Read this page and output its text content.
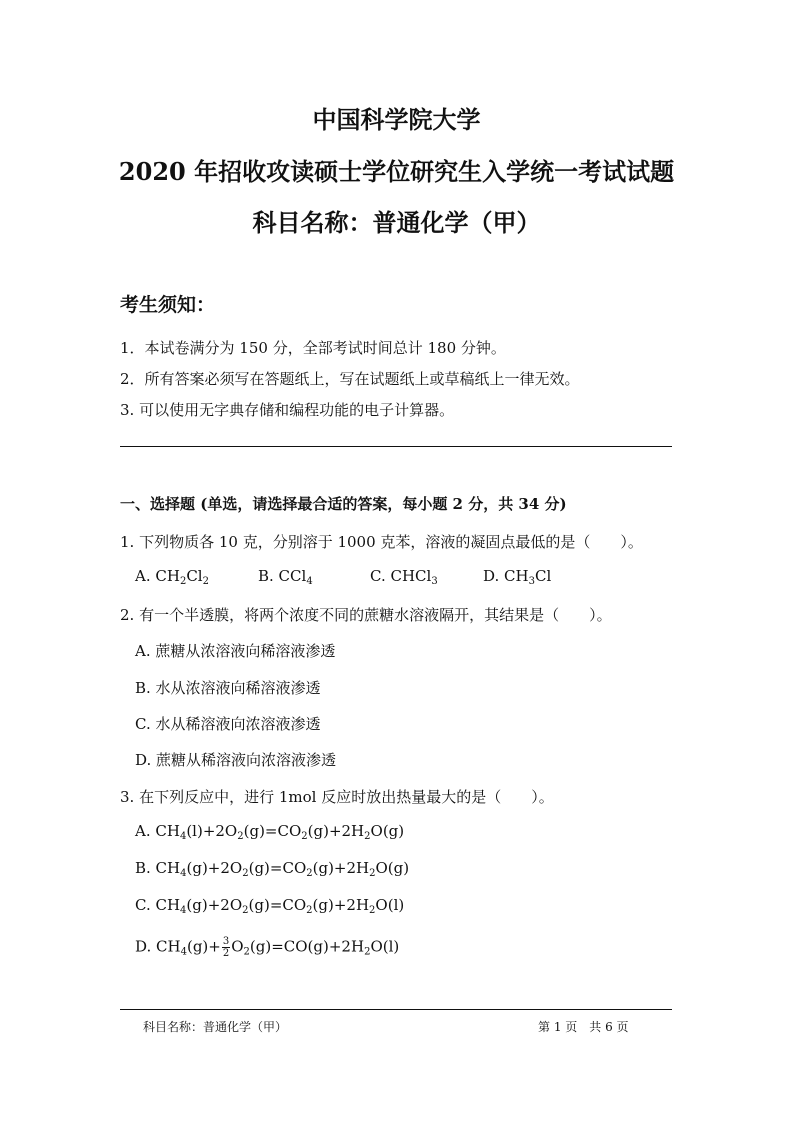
中国科学院大学
2020 年招收攻读硕士学位研究生入学统一考试试题
科目名称：普通化学（甲）
考生须知：
1．本试卷满分为 150 分，全部考试时间总计 180 分钟。
2．所有答案必须写在答题纸上，写在试题纸上或草稿纸上一律无效。
3. 可以使用无字典存储和编程功能的电子计算器。
一、选择题 (单选，请选择最合适的答案，每小题 2 分，共 34 分)
1. 下列物质各 10 克，分别溶于 1000 克苯，溶液的凝固点最低的是（　　）。
A. $CH_2Cl_2$	B. CCl$_4$	C. CHCl$_3$	D. $CH_3Cl$
2. 有一个半透膜，将两个浓度不同的蔗糖水溶液隔开，其结果是（　　）。
A. 蔗糖从浓溶液向稀溶液渗透
B. 水从浓溶液向稀溶液渗透
C. 水从稀溶液向浓溶液渗透
D. 蔗糖从稀溶液向浓溶液渗透
3. 在下列反应中，进行 1mol 反应时放出热量最大的是（　　）。
A. $CH_4(l)+2O_2(g)=CO_2(g)+2H_2O(g)$
B. $CH_4(g)+2O_2(g)=CO_2(g)+2H_2O(g)$
C. $CH_4(g)+2O_2(g)=CO_2(g)+2H_2O(l)$
D. $CH_4(g)+ \frac{3}{2} O_2(g)=CO(g)+2H_2O(l)$
科目名称：普通化学（甲）	第 1 页　共 6 页
